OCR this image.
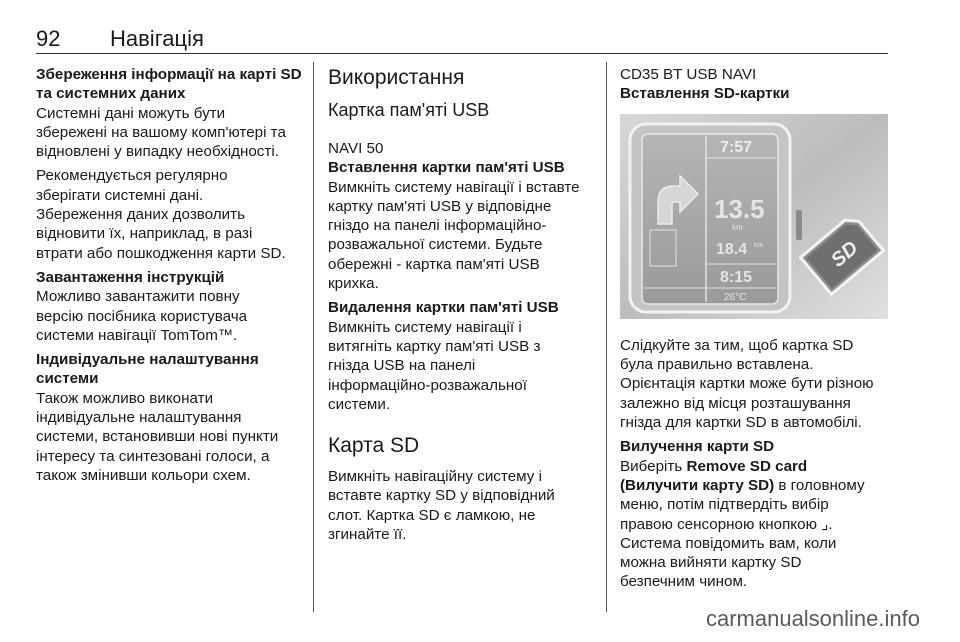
92 Навігація
Збереження інформації на карті SD
та системних даних
Системні дані можуть бути
збережені на вашому комп'ютері та
відновлені у випадку необхідності.
Рекомендується регулярно
зберігати системні дані.
Збереження даних дозволить
відновити їх, наприклад, в разі
втрати або пошкодження карти SD.
Завантаження інструкцій
Можливо завантажити повну
версію посібника користувача
системи навігації TomTom™.
Індивідуальне налаштування
системи
Також можливо виконати
індивідуальне налаштування
системи, встановивши нові пункти
інтересу та синтезовані голоси, а
також змінивши кольори схем.
Використання
Картка пам'яті USB
NAVI 50
Вставлення картки пам'яті USB
Вимкніть систему навігації і вставте
картку пам'яті USB у відповідне
гніздо на панелі інформаційно-
розважальної системи. Будьте
обережні - картка пам'яті USB
крихка.
Видалення картки пам'яті USB
Вимкніть систему навігації і
витягніть картку пам'яті USB з
гнізда USB на панелі
інформаційно-розважальної
системи.
Карта SD
Вимкніть навігаційну систему і
вставте картку SD у відповідний
слот. Картка SD є ламкою, не
згинайте її.
CD35 BT USB NAVI
Вставлення SD-картки
7:57
13.5
km
18.4 km
8:15
26°C
SD
Слідкуйте за тим, щоб картка SD
була правильно вставлена.
Орієнтація картки може бути різною
залежно від місця розташування
гнізда для картки SD в автомобілі.
Вилучення карти SD
Виберіть Remove SD card
(Вилучити карту SD) в головному
меню, потім підтвердіть вибір
правою сенсорною кнопкою ⌟.
Система повідомить вам, коли
можна вийняти картку SD
безпечним чином.
carmanualsonline.info
